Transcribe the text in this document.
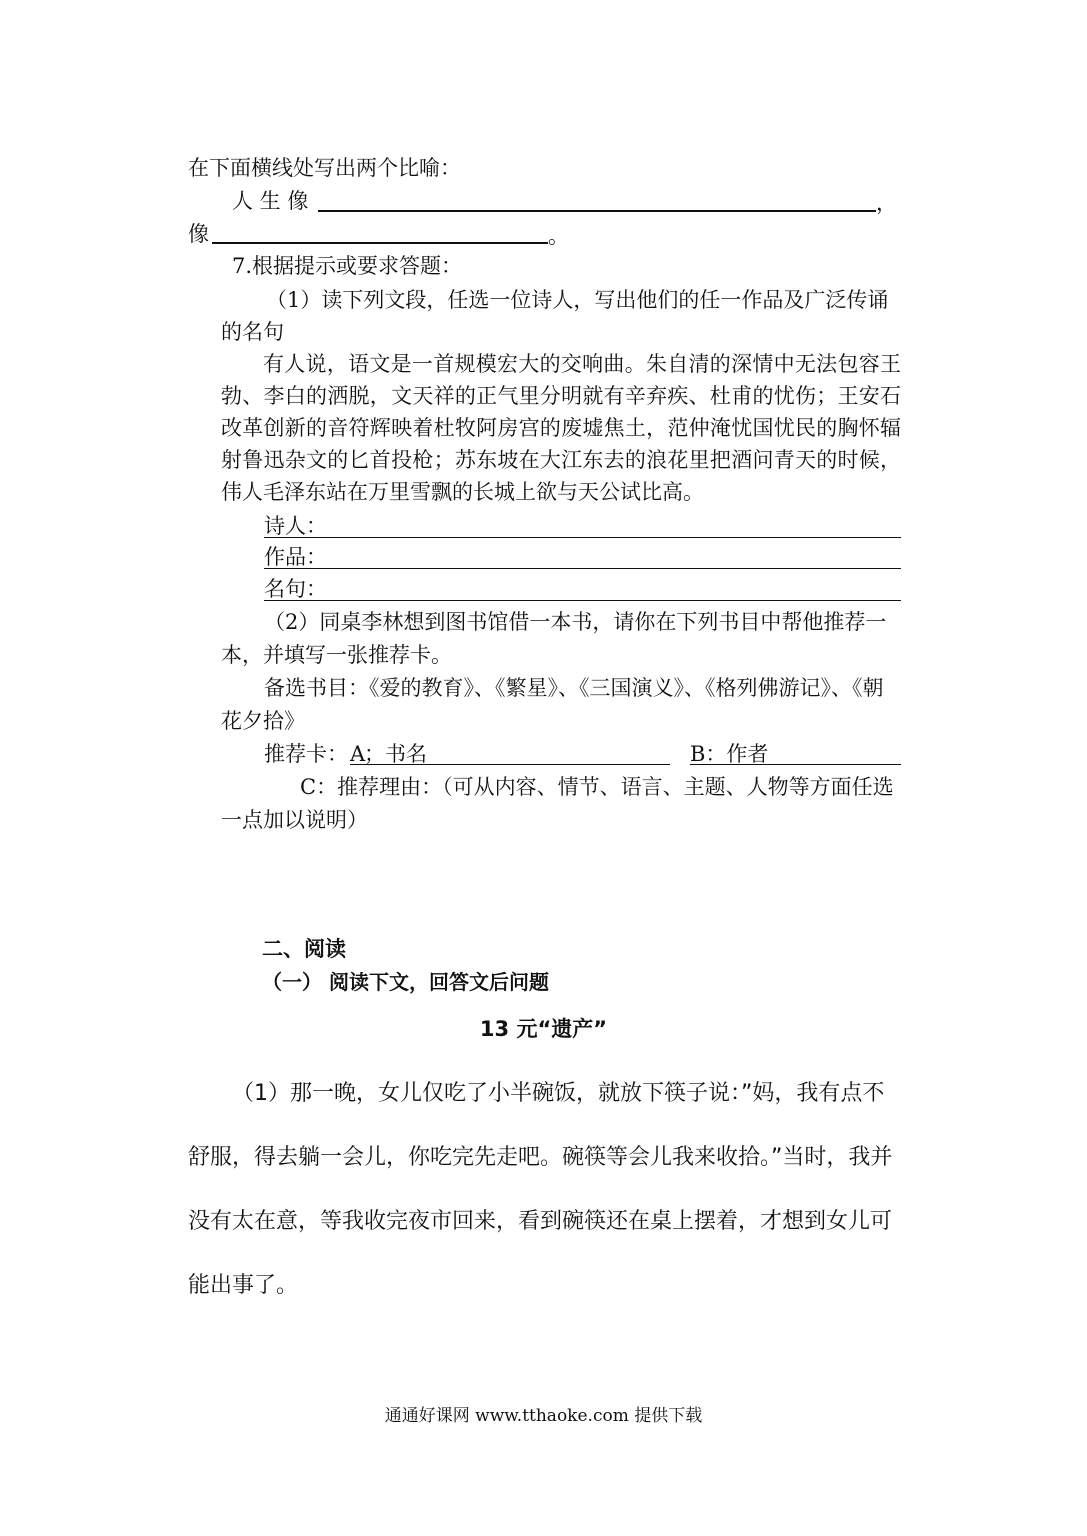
在下面横线处写出两个比喻：
人 生 像	，
像	。
7.根据提示或要求答题：
（1）读下列文段，任选一位诗人，写出他们的任一作品及广泛传诵
的名句
有人说，语文是一首规模宏大的交响曲。朱自清的深情中无法包容王勃、李白的洒脱，文天祥的正气里分明就有辛弃疾、杜甫的忧伤；王安石改革创新的音符辉映着杜牧阿房宫的废墟焦土，范仲淹忧国忧民的胸怀辐射鲁迅杂文的匕首投枪；苏东坡在大江东去的浪花里把酒问青天的时候，伟人毛泽东站在万里雪飘的长城上欲与天公试比高。
诗人：
作品：
名句：
（2）同桌李林想到图书馆借一本书，请你在下列书目中帮他推荐一
本，并填写一张推荐卡。
备选书目：《爱的教育》、《繁星》、《三国演义》、《格列佛游记》、《朝
花夕拾》
推荐卡： A
；书名	B：作者
C：推荐理由：（可从内容、情节、语言、主题、人物等方面任选
一点加以说明）
二、阅读
（一） 阅读下文，回答文后问题
13 元“遗产”
（1）那一晚，女儿仅吃了小半碗饭，就放下筷子说：”妈，我有点不舒服，得去躺一会儿，你吃完先走吧。碗筷等会儿我来收拾。”当时，我并没有太在意，等我收完夜市回来，看到碗筷还在桌上摆着，才想到女儿可能出事了。
通通好课网 www.tthaoke.com 提供下载
